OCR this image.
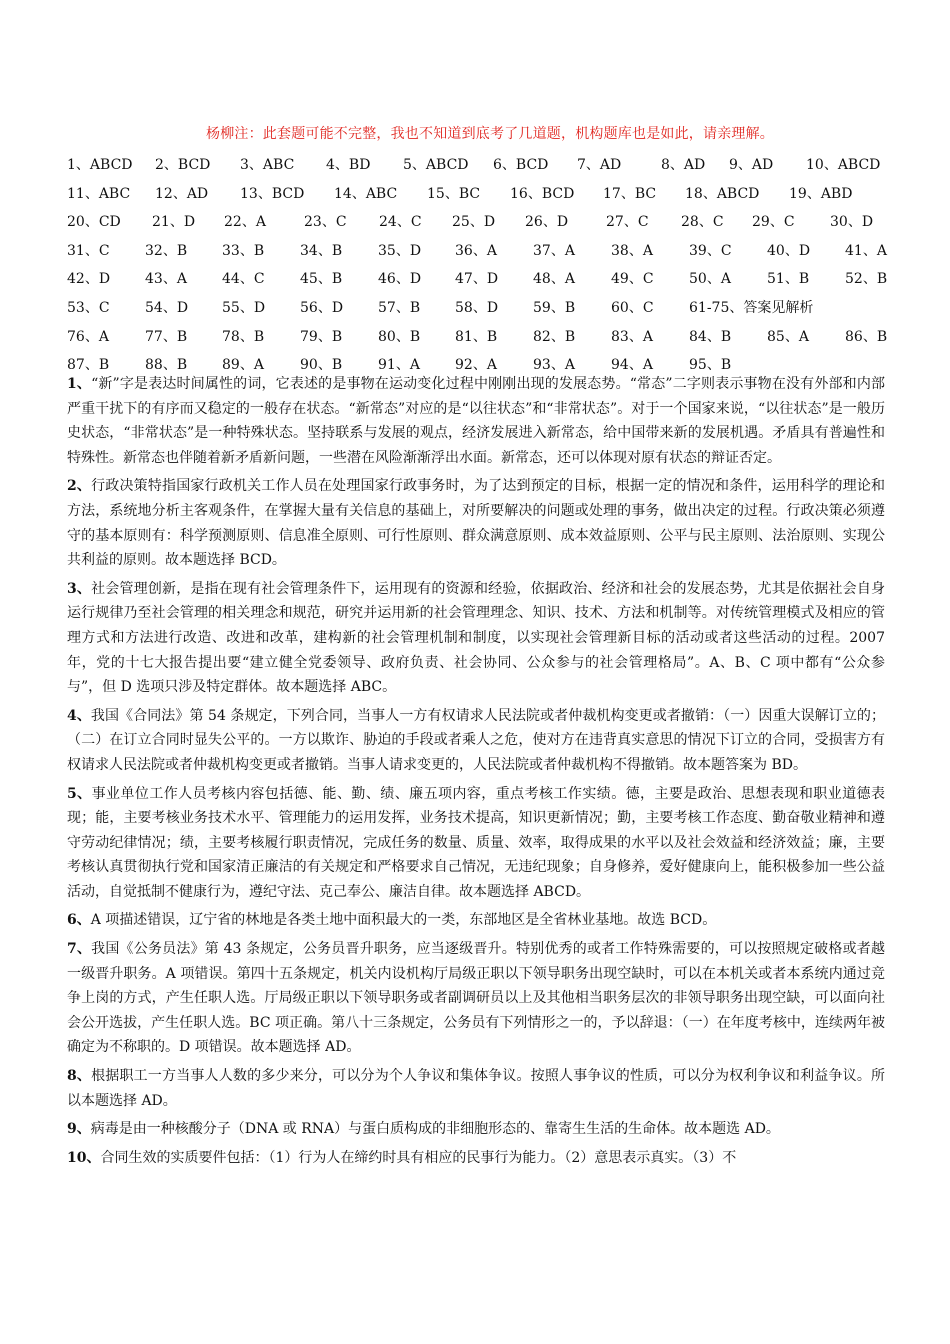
杨柳注：此套题可能不完整，我也不知道到底考了几道题，机构题库也是如此，请亲理解。
1、ABCD 2、BCD 3、ABC 4、BD 5、ABCD 6、BCD 7、AD	8、AD 9、AD 10、ABCD
11、ABC 12、AD 13、BCD 14、ABC 15、BC 16、BCD 17、BC 18、ABCD 19、ABD
20、CD 21、D 22、A	23、C 24、C 25、D 26、D	27、C 28、C 29、C	30、D
31、C	32、B 33、B	34、B	35、D 36、A	37、A	38、A	39、C	40、D 41、A
42、D 43、A	44、C	45、B	46、D 47、D 48、A	49、C	50、A	51、B	52、B
53、C	54、D 55、D 56、D 57、B 58、D 59、B	60、C	61-75、答案见解析
76、A	77、B 78、B	79、B	80、B 81、B	82、B	83、A	84、B	85、A	86、B
87、B	88、B 89、A	90、B	91、A	92、A	93、A	94、A	95、B

1、“新”字是表达时间属性的词，它表述的是事物在运动变化过程中刚刚出现的发展态势。“常态”二字则表示事物在没有外部和内部严重干扰下的有序而又稳定的一般存在状态。“新常态”对应的是“以往状态”和“非常状态”。对于一个国家来说，“以往状态”是一般历史状态，“非常状态”是一种特殊状态。坚持联系与发展的观点，经济发展进入新常态，给中国带来新的发展机遇。矛盾具有普遍性和特殊性。新常态也伴随着新矛盾新问题，一些潜在风险渐渐浮出水面。新常态，还可以体现对原有状态的辩证否定。

2、行政决策特指国家行政机关工作人员在处理国家行政事务时，为了达到预定的目标，根据一定的情况和条件，运用科学的理论和方法，系统地分析主客观条件，在掌握大量有关信息的基础上，对所要解决的问题或处理的事务，做出决定的过程。行政决策必须遵守的基本原则有：科学预测原则、信息准全原则、可行性原则、群众满意原则、成本效益原则、公平与民主原则、法治原则、实现公共利益的原则。故本题选择 BCD。

3、社会管理创新，是指在现有社会管理条件下，运用现有的资源和经验，依据政治、经济和社会的发展态势，尤其是依据社会自身运行规律乃至社会管理的相关理念和规范，研究并运用新的社会管理理念、知识、技术、方法和机制等。对传统管理模式及相应的管理方式和方法进行改造、改进和改革，建构新的社会管理机制和制度，以实现社会管理新目标的活动或者这些活动的过程。2007 年，党的十七大报告提出要“建立健全党委领导、政府负责、社会协同、公众参与的社会管理格局”。A、B、C 项中都有“公众参与”，但 D 选项只涉及特定群体。故本题选择 ABC。

4、我国《合同法》第 54 条规定，下列合同，当事人一方有权请求人民法院或者仲裁机构变更或者撤销：（一）因重大误解订立的；（二）在订立合同时显失公平的。一方以欺诈、胁迫的手段或者乘人之危，使对方在违背真实意思的情况下订立的合同，受损害方有权请求人民法院或者仲裁机构变更或者撤销。当事人请求变更的，人民法院或者仲裁机构不得撤销。故本题答案为 BD。

5、事业单位工作人员考核内容包括德、能、勤、绩、廉五项内容，重点考核工作实绩。德，主要是政治、思想表现和职业道德表现；能，主要考核业务技术水平、管理能力的运用发挥，业务技术提高，知识更新情况；勤，主要考核工作态度、勤奋敬业精神和遵守劳动纪律情况；绩，主要考核履行职责情况，完成任务的数量、质量、效率，取得成果的水平以及社会效益和经济效益；廉，主要考核认真贯彻执行党和国家清正廉洁的有关规定和严格要求自己情况，无违纪现象；自身修养，爱好健康向上，能积极参加一些公益活动，自觉抵制不健康行为，遵纪守法、克己奉公、廉洁自律。故本题选择 ABCD。

6、A 项描述错误，辽宁省的林地是各类土地中面积最大的一类，东部地区是全省林业基地。故选 BCD。

7、我国《公务员法》第 43 条规定，公务员晋升职务，应当逐级晋升。特别优秀的或者工作特殊需要的，可以按照规定破格或者越一级晋升职务。A 项错误。第四十五条规定，机关内设机构厅局级正职以下领导职务出现空缺时，可以在本机关或者本系统内通过竞争上岗的方式，产生任职人选。厅局级正职以下领导职务或者副调研员以上及其他相当职务层次的非领导职务出现空缺，可以面向社会公开选拔，产生任职人选。BC 项正确。第八十三条规定，公务员有下列情形之一的，予以辞退：（一）在年度考核中，连续两年被确定为不称职的。D 项错误。故本题选择 AD。

8、根据职工一方当事人人数的多少来分，可以分为个人争议和集体争议。按照人事争议的性质，可以分为权利争议和利益争议。所以本题选择 AD。

9、病毒是由一种核酸分子（DNA 或 RNA）与蛋白质构成的非细胞形态的、靠寄生生活的生命体。故本题选 AD。

10、合同生效的实质要件包括：（1）行为人在缔约时具有相应的民事行为能力。（2）意思表示真实。（3）不
